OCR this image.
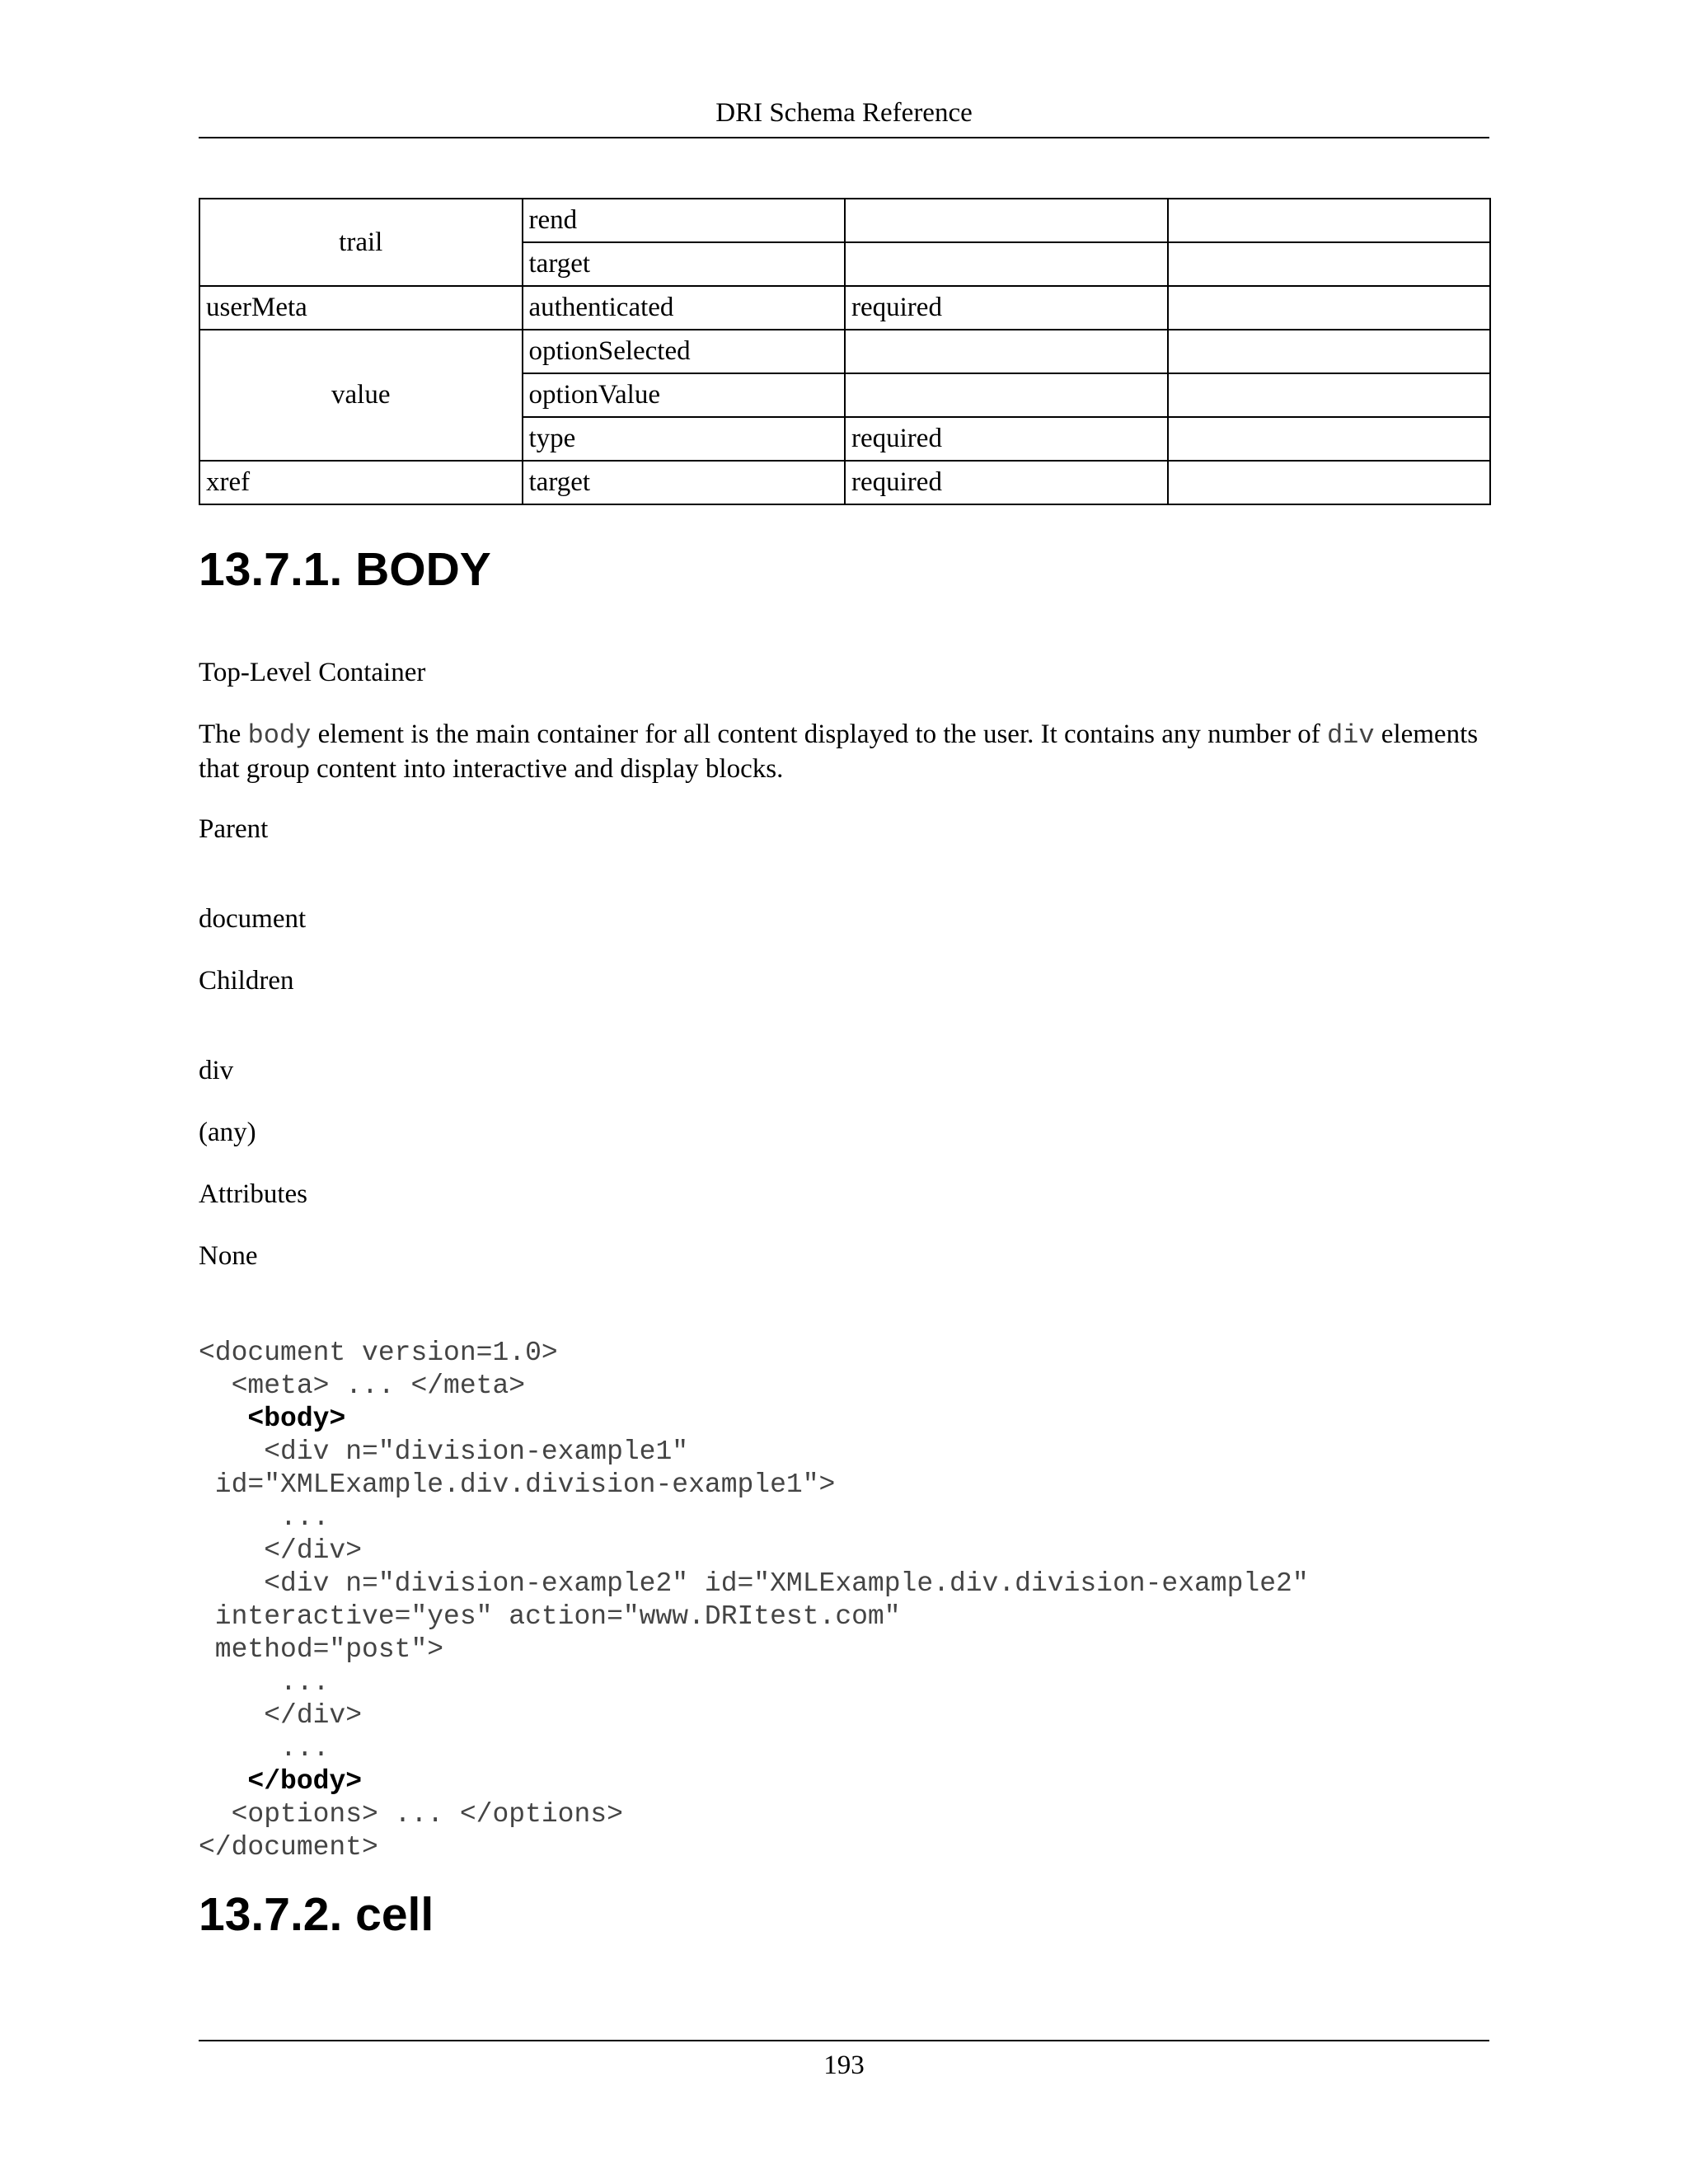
DRI Schema Reference
trail	rend		
	target		
userMeta	authenticated	required	
value	optionSelected		
	optionValue		
	type	required	
xref	target	required	
13.7.1. BODY

Top-Level Container

The body element is the main container for all content displayed to the user. It contains any number of div elements that group content into interactive and display blocks.

Parent

document

Children

div

(any)

Attributes

None

<document version=1.0>
<meta> ... </meta>
<body>
<div n="division-example1"
id="XMLExample.div.division-example1">
...
</div>
<div n="division-example2" id="XMLExample.div.division-example2"
interactive="yes" action="www.DRItest.com"
method="post">
...
</div>
...
</body>
<options> ... </options>
</document>
13.7.2. cell
193
